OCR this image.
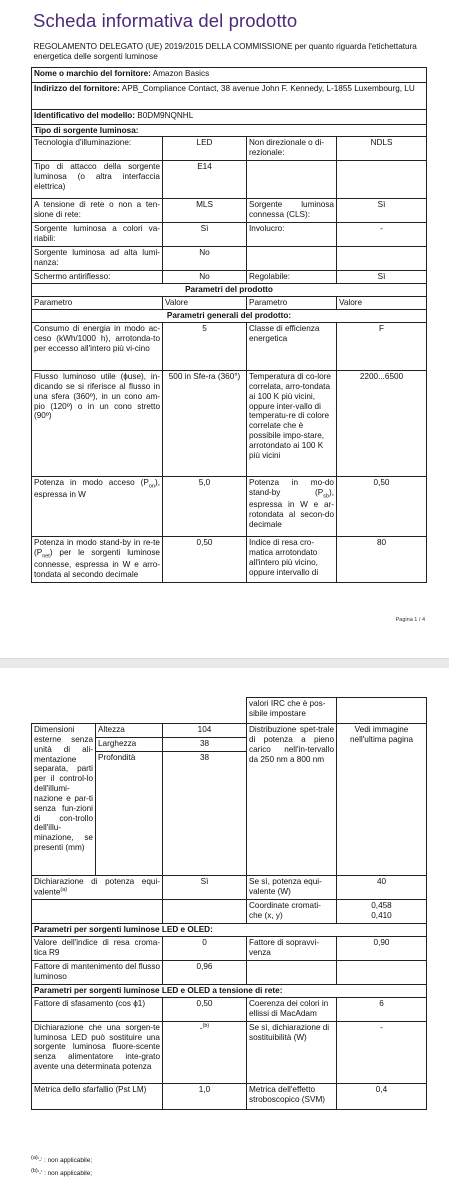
Scheda informativa del prodotto
REGOLAMENTO DELEGATO (UE) 2019/2015 DELLA COMMISSIONE per quanto riguarda l'etichettatura energetica delle sorgenti luminose			
Nome o marchio del fornitore: Amazon Basics			
Indirizzo del fornitore: APB_Compliance Contact, 38 avenue John F. Kennedy, L-1855 Luxembourg, LU			
Identificativo del modello: B0DM9NQNHL			
Tipo di sorgente luminosa:			
Tecnologia d'illuminazione:	LED	Non direzionale o di-rezionale:	NDLS
Tipo di attacco della sorgente luminosa (o altra interfaccia elettrica)	E14		
A tensione di rete o non a ten-sione di rete:	MLS	Sorgente luminosa connessa (CLS):	Sì
Sorgente luminosa a colori va-riabili:	Sì	Involucro:	-
Sorgente luminosa ad alta lumi-nanza:	No		
Schermo antiriflesso:	No	Regolabile:	Sì
Parametri del prodotto			
Parametro	Valore	Parametro	Valore
Parametri generali del prodotto:			
Consumo di energia in modo ac-ceso (kWh/1000 h), arrotonda-to per eccesso all'intero più vi-cino	5	Classe di efficienza energetica	F
Flusso luminoso utile (ɸuse), in-dicando se si riferisce al flusso in una sfera (360º), in un cono am-pio (120º) o in un cono stretto (90º)	500 in Sfe-ra (360°)	Temperatura di co-lore correlata, arro-tondata ai 100 K più vicini, oppure inter-vallo di temperatu-re di colore correlate che è possibile impo-stare, arrotondato ai 100 K più vicini	2200...6500
Potenza in modo acceso $(P_{on})$, espressa in W	5,0	Potenza in mo-do stand-by $(P_{sb})$, espressa in W e ar-rotondata al secon-do decimale	0,50
Potenza in modo stand-by in re-te $(P_{net})$ per le sorgenti luminose connesse, espressa in W e arro-tondata al secondo decimale	0,50	Indice di resa cro-matica arrotondato all'intero più vicino, oppure intervallo di	80
Pagina 1 / 4
			valori IRC che è pos-sibile impostare	
Dimensioni esterne senza unità di ali-mentazione separata, parti per il control-lo dell'illumi-nazione e par-ti senza fun-zioni di con-trollo dell'illu-minazione, se presenti (mm)	Altezza	104	Distribuzione spet-trale di potenza a pieno carico nell'in-tervallo da 250 nm a 800 nm	Vedi immagine nell'ultima pagina
	Larghezza	38		
	Profondità	38		
Dichiarazione di potenza equi-valente$^{(a)}$		Sì	Se sì, potenza equi-valente (W)	40
			Coordinate cromati-che (x, y)	0,458
0,410
Parametri per sorgenti luminose LED e OLED:				
Valore dell'indice di resa croma-tica R9		0	Fattore di sopravvi-venza	0,90
Fattore di mantenimento del flusso luminoso		0,96		
Parametri per sorgenti luminose LED e OLED a tensione di rete:				
Fattore di sfasamento (cos ϕ1)		0,50	Coerenza dei colori in ellissi di MacAdam	6
Dichiarazione che una sorgen-te luminosa LED può sostituire una sorgente luminosa fluore-scente senza alimentatore inte-grato avente una determinata potenza		-$^{(b)}$	Se sì, dichiarazione di sostituibilità (W)	-
Metrica dello sfarfallio (Pst LM)		1,0	Metrica dell'effetto stroboscopico (SVM)	0,4
$^{(a)}$'-' : non applicabile;
$^{(b)}$'-' : non applicabile;
